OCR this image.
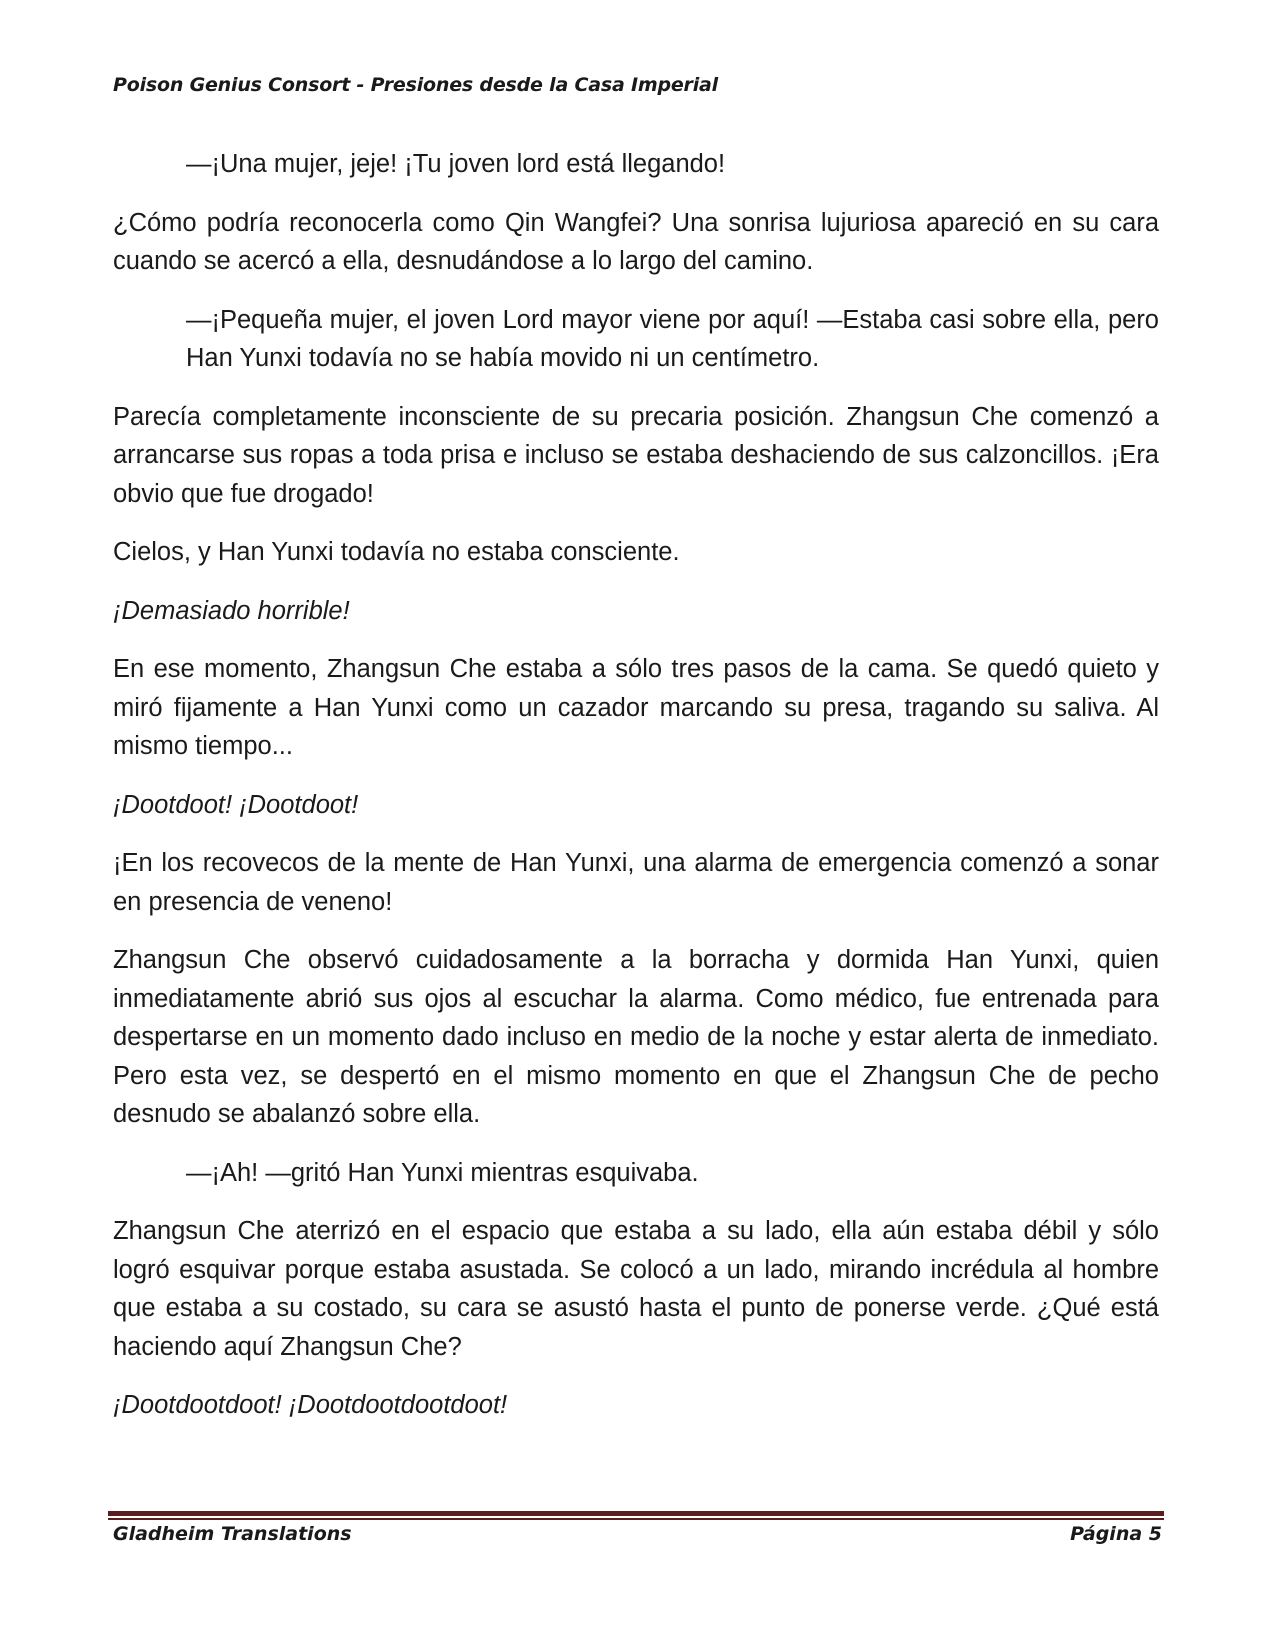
Poison Genius Consort - Presiones desde la Casa Imperial

—¡Una mujer, jeje! ¡Tu joven lord está llegando!

¿Cómo podría reconocerla como Qin Wangfei? Una sonrisa lujuriosa apareció en su cara cuando se acercó a ella, desnudándose a lo largo del camino.

—¡Pequeña mujer, el joven Lord mayor viene por aquí! —Estaba casi sobre ella, pero Han Yunxi todavía no se había movido ni un centímetro.

Parecía completamente inconsciente de su precaria posición. Zhangsun Che comenzó a arrancarse sus ropas a toda prisa e incluso se estaba deshaciendo de sus calzoncillos. ¡Era obvio que fue drogado!

Cielos, y Han Yunxi todavía no estaba consciente.

¡Demasiado horrible!

En ese momento, Zhangsun Che estaba a sólo tres pasos de la cama. Se quedó quieto y miró fijamente a Han Yunxi como un cazador marcando su presa, tragando su saliva. Al mismo tiempo...

¡Dootdoot! ¡Dootdoot!

¡En los recovecos de la mente de Han Yunxi, una alarma de emergencia comenzó a sonar en presencia de veneno!

Zhangsun Che observó cuidadosamente a la borracha y dormida Han Yunxi, quien inmediatamente abrió sus ojos al escuchar la alarma. Como médico, fue entrenada para despertarse en un momento dado incluso en medio de la noche y estar alerta de inmediato. Pero esta vez, se despertó en el mismo momento en que el Zhangsun Che de pecho desnudo se abalanzó sobre ella.

—¡Ah! —gritó Han Yunxi mientras esquivaba.

Zhangsun Che aterrizó en el espacio que estaba a su lado, ella aún estaba débil y sólo logró esquivar porque estaba asustada. Se colocó a un lado, mirando incrédula al hombre que estaba a su costado, su cara se asustó hasta el punto de ponerse verde. ¿Qué está haciendo aquí Zhangsun Che?

¡Dootdootdoot! ¡Dootdootdootdoot!

Gladheim Translations	Página 5
